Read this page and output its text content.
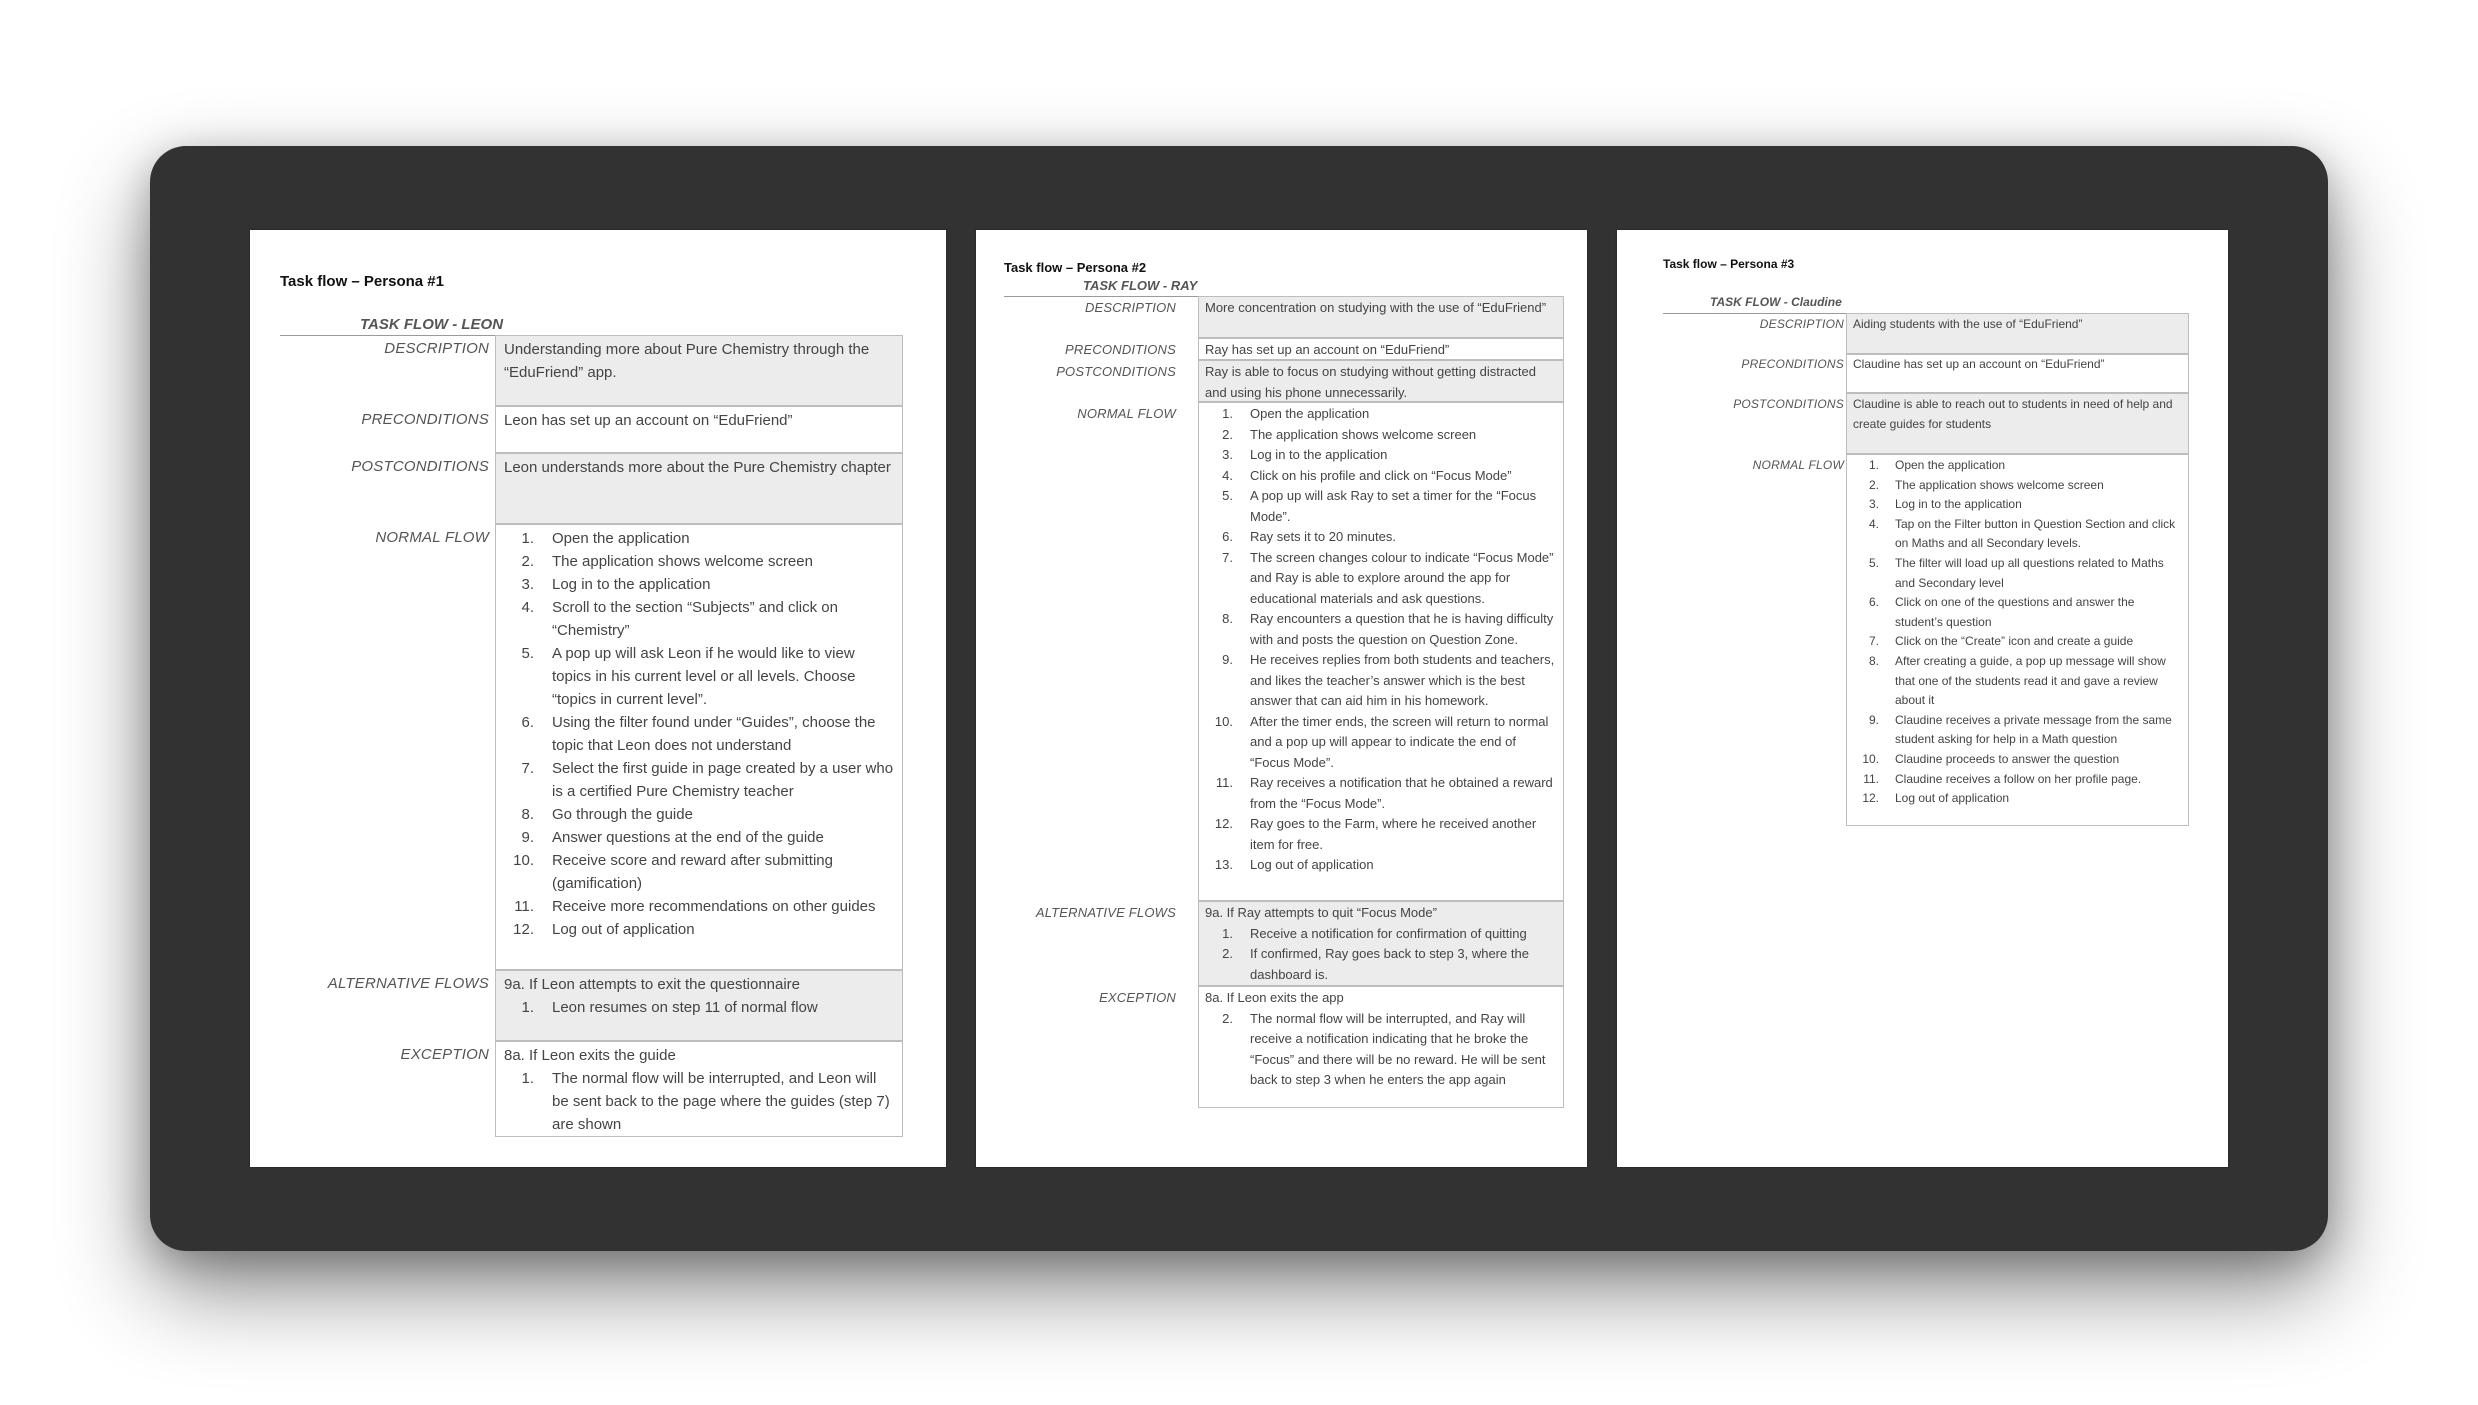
Task flow – Persona #1
TASK FLOW - LEON
DESCRIPTION Understanding more about Pure Chemistry through the “EduFriend” app.

PRECONDITIONS Leon has set up an account on “EduFriend”

POSTCONDITIONS Leon understands more about the Pure Chemistry chapter

NORMAL FLOW	1. Open the application
2. The application shows welcome screen
3. Log in to the application
4. Scroll to the section “Subjects” and click on “Chemistry”
5. A pop up will ask Leon if he would like to view topics in his current level or all levels. Choose “topics in current level”.
6. Using the filter found under “Guides”, choose the topic that Leon does not understand
7. Select the first guide in page created by a user who is a certified Pure Chemistry teacher
8. Go through the guide
9. Answer questions at the end of the guide
10. Receive score and reward after submitting (gamification)
11. Receive more recommendations on other guides
12. Log out of application
ALTERNATIVE FLOWS	9a. If Leon attempts to exit the questionnaire

1. Leon resumes on step 11 of normal flow
EXCEPTION	8a. If Leon exits the guide

1. The normal flow will be interrupted, and Leon will be sent back to the page where the guides (step 7) are shown
Task flow – Persona #2
TASK FLOW - RAY
DESCRIPTION More concentration on studying with the use of “EduFriend”

PRECONDITIONS Ray has set up an account on “EduFriend”

POSTCONDITIONS Ray is able to focus on studying without getting distracted and using his phone unnecessarily.

NORMAL FLOW	1. Open the application
2. The application shows welcome screen
3. Log in to the application
4. Click on his profile and click on “Focus Mode”
5. A pop up will ask Ray to set a timer for the “Focus Mode”.
6. Ray sets it to 20 minutes.
7. The screen changes colour to indicate “Focus Mode” and Ray is able to explore around the app for educational materials and ask questions.
8. Ray encounters a question that he is having difficulty with and posts the question on Question Zone.
9. He receives replies from both students and teachers, and likes the teacher’s answer which is the best answer that can aid him in his homework.
10. After the timer ends, the screen will return to normal and a pop up will appear to indicate the end of “Focus Mode”.
11. Ray receives a notification that he obtained a reward from the “Focus Mode”.
12. Ray goes to the Farm, where he received another item for free.
13. Log out of application
ALTERNATIVE FLOWS	9a. If Ray attempts to quit “Focus Mode”

1. Receive a notification for confirmation of quitting
2. If confirmed, Ray goes back to step 3, where the dashboard is.
EXCEPTION	8a. If Leon exits the app

2. The normal flow will be interrupted, and Ray will receive a notification indicating that he broke the “Focus” and there will be no reward. He will be sent back to step 3 when he enters the app again
Task flow – Persona #3
TASK FLOW - Claudine
DESCRIPTION Aiding students with the use of “EduFriend”

PRECONDITIONS Claudine has set up an account on “EduFriend”

POSTCONDITIONS Claudine is able to reach out to students in need of help and create guides for students

NORMAL FLOW	1. Open the application
2. The application shows welcome screen
3. Log in to the application
4. Tap on the Filter button in Question Section and click on Maths and all Secondary levels.
5. The filter will load up all questions related to Maths and Secondary level
6. Click on one of the questions and answer the student’s question
7. Click on the “Create” icon and create a guide
8. After creating a guide, a pop up message will show that one of the students read it and gave a review about it
9. Claudine receives a private message from the same student asking for help in a Math question
10. Claudine proceeds to answer the question
11. Claudine receives a follow on her profile page.
12. Log out of application
